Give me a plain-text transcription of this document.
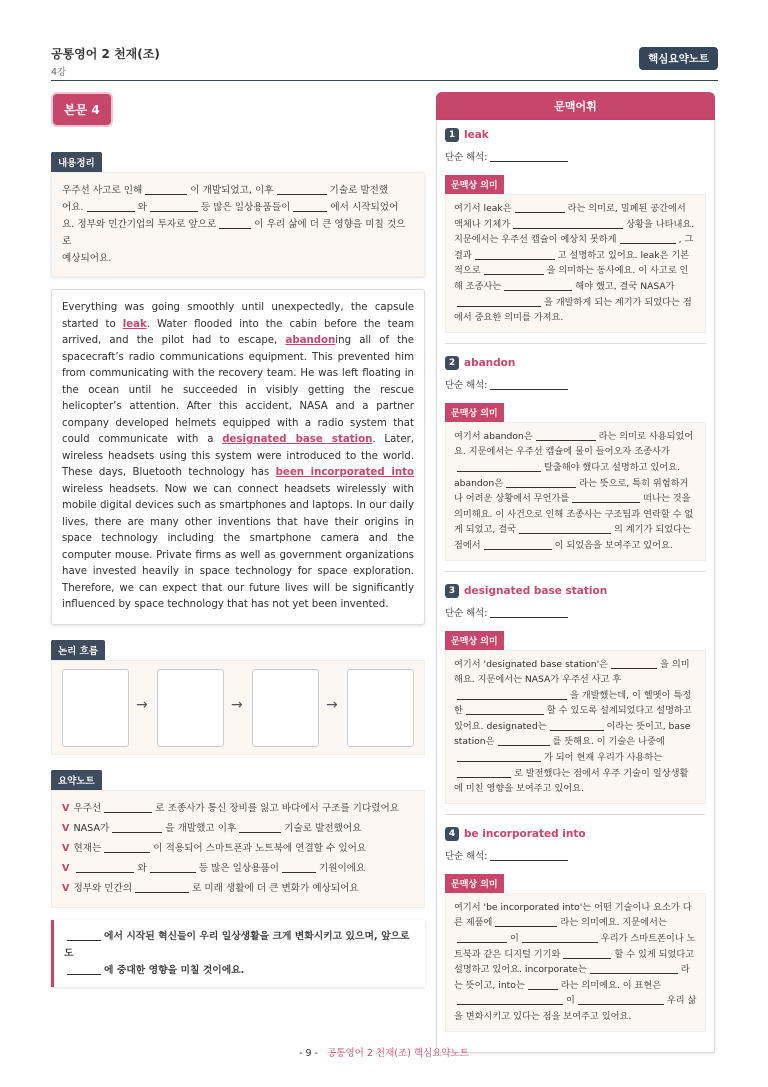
공통영어 2 천재(조)
4강
핵심요약노트
본문 4
내용정리
우주선 사고로 인해	이 개발되었고, 이후	기술로 발전했
어요.	와	등 많은 일상용품들이	에서 시작되었어
요. 정부와 민간기업의 투자로 앞으로	이 우리 삶에 더 큰 영향을 미칠 것으로
예상되어요.
Everything was going smoothly until unexpectedly, the capsule started to leak. Water flooded into the cabin before the team arrived, and the pilot had to escape, abandoning all of the spacecraft’s radio communications equipment. This prevented him from communicating with the recovery team. He was left floating in the ocean until he succeeded in visibly getting the rescue helicopter’s attention. After this accident, NASA and a partner company developed helmets equipped with a radio system that could communicate with a designated base station. Later, wireless headsets using this system were introduced to the world. These days, Bluetooth technology has been incorporated into wireless headsets. Now we can connect headsets wirelessly with mobile digital devices such as smartphones and laptops. In our daily lives, there are many other inventions that have their origins in space technology including the smartphone camera and the computer mouse. Private firms as well as government organizations have invested heavily in space technology for space exploration. Therefore, we can expect that our future lives will be significantly influenced by space technology that has not yet been invented.
논리 흐름
→	→	→
요약노트
V 우주선	로 조종사가 통신 장비를 잃고 바다에서 구조를 기다렸어요
V NASA가	을 개발했고 이후	기술로 발전했어요
V 현재는	이 적용되어 스마트폰과 노트북에 연결할 수 있어요
V	와	등 많은 일상용품이	기원이에요
V 정부와 민간의	로 미래 생활에 더 큰 변화가 예상되어요
에서 시작된 혁신들이 우리 일상생활을 크게 변화시키고 있으며, 앞으로도
에 중대한 영향을 미칠 것이에요.
문맥어휘
1 leak
단순 해석:
문맥상 의미
여기서 leak은	라는 의미로, 밀폐된 공간에서 액체나 기체가	상황을 나타내요. 지문에서는 우주선 캡슐이 예상치 못하게	, 그 결과	고 설명하고 있어요. leak은 기본적으로	을 의미하는 동사예요. 이 사고로 인해 조종사는	해야 했고, 결국 NASA가을 개발하게 되는 계기가 되었다는 점에서 중요한 의미를 가져요.
2 abandon
단순 해석:
문맥상 의미
여기서 abandon은	라는 의미로 사용되었어요. 지문에서는 우주선 캡슐에 물이 들어오자 조종사가탈출해야 했다고 설명하고 있어요. abandon은	라는 뜻으로, 특히 위험하거나 어려운 상황에서 무언가를	떠나는 것을 의미해요. 이 사건으로 인해 조종사는 구조팀과 연락할 수 없게 되었고, 결국	의 계기가 되었다는 점에서	이 되었음을 보여주고 있어요.
3 designated base station
단순 해석:
문맥상 의미
여기서 'designated base station'은	을 의미해요. 지문에서는 NASA가 우주선 사고 후을 개발했는데, 이 헬멧이 특정한	할 수 있도록 설계되었다고 설명하고 있어요. designated는	이라는 뜻이고, base station은	를 뜻해요. 이 기술은 나중에가 되어 현재 우리가 사용하는로 발전했다는 점에서 우주 기술이 일상생활에 미친 영향을 보여주고 있어요.
4 be incorporated into
단순 해석:
문맥상 의미
여기서 'be incorporated into'는 어떤 기술이나 요소가 다른 제품에	라는 의미예요. 지문에서는이	우리가 스마트폰이나 노트북과 같은 디지털 기기와	할 수 있게 되었다고 설명하고 있어요. incorporate는	라는 뜻이고, into는	라는 의미예요. 이 표현은이	우리 삶을 변화시키고 있다는 점을 보여주고 있어요.
- 9 - 공통영어 2 천재(조) 핵심요약노트
